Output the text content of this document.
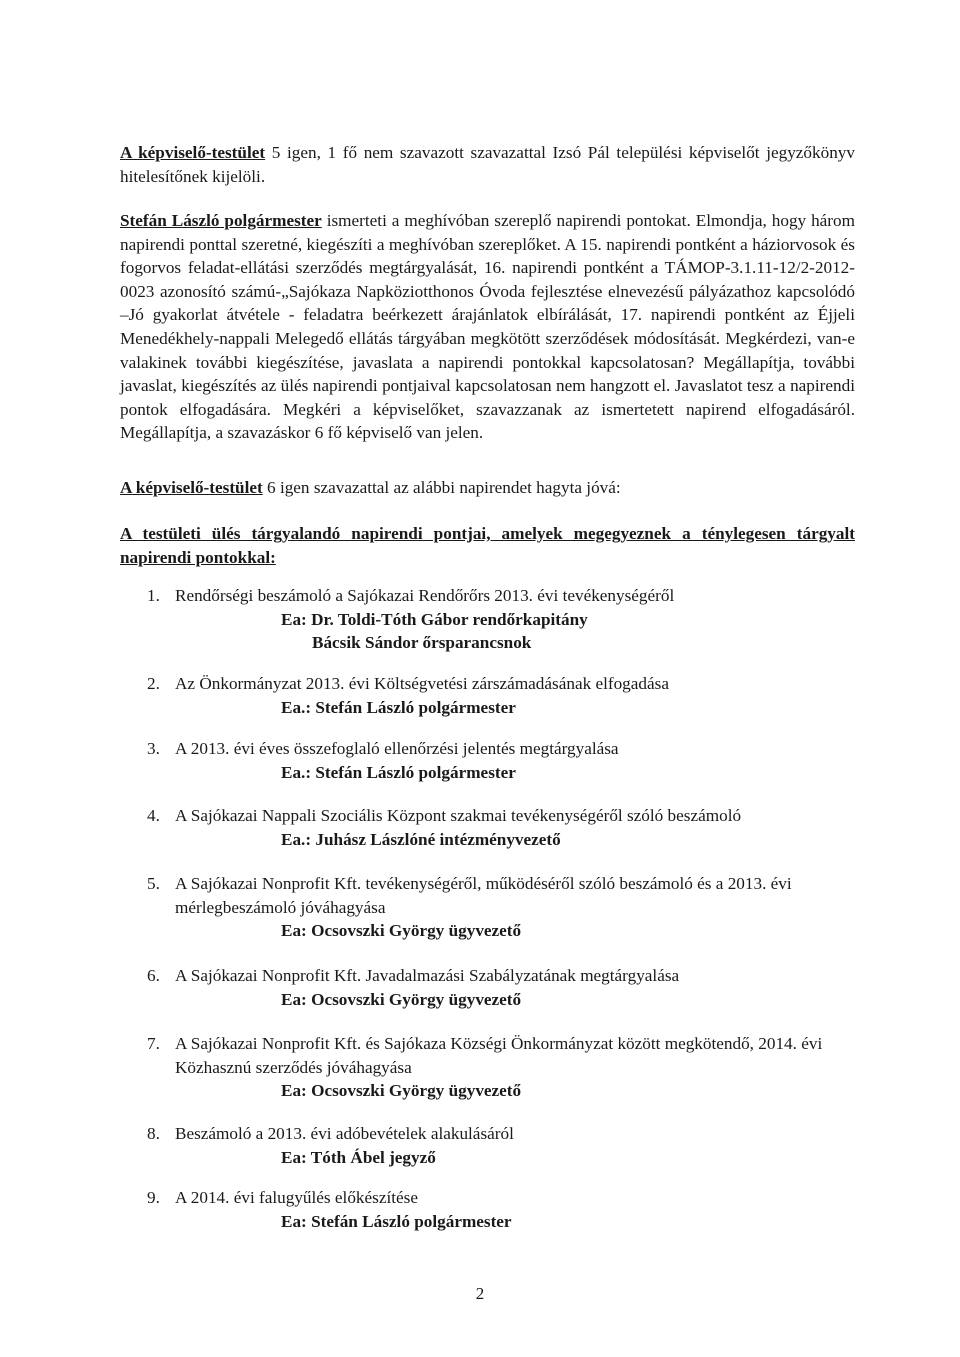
A képviselő-testület 5 igen, 1 fő nem szavazott szavazattal Izsó Pál települési képviselőt jegyzőkönyv hitelesítőnek kijelöli.

Stefán László polgármester ismerteti a meghívóban szereplő napirendi pontokat. Elmondja, hogy három napirendi ponttal szeretné, kiegészíti a meghívóban szereplőket. A 15. napirendi pontként a háziorvosok és fogorvos feladat-ellátási szerződés megtárgyalását, 16. napirendi pontként a TÁMOP-3.1.11-12/2-2012-0023 azonosító számú-„Sajókaza Napköziotthonos Óvoda fejlesztése elnevezésű pályázathoz kapcsolódó –Jó gyakorlat átvétele - feladatra beérkezett árajánlatok elbírálását, 17. napirendi pontként az Éjjeli Menedékhely-nappali Melegedő ellátás tárgyában megkötött szerződések módosítását. Megkérdezi, van-e valakinek további kiegészítése, javaslata a napirendi pontokkal kapcsolatosan? Megállapítja, további javaslat, kiegészítés az ülés napirendi pontjaival kapcsolatosan nem hangzott el. Javaslatot tesz a napirendi pontok elfogadására. Megkéri a képviselőket, szavazzanak az ismertetett napirend elfogadásáról. Megállapítja, a szavazáskor 6 fő képviselő van jelen.

A képviselő-testület 6 igen szavazattal az alábbi napirendet hagyta jóvá:

A testületi ülés tárgyalandó napirendi pontjai, amelyek megegyeznek a ténylegesen tárgyalt napirendi pontokkal:

1. Rendőrségi beszámoló a Sajókazai Rendőrőrs 2013. évi tevékenységéről
Ea: Dr. Toldi-Tóth Gábor rendőrkapitány
Bácsik Sándor őrsparancsnok
2. Az Önkormányzat 2013. évi Költségvetési zárszámadásának elfogadása
Ea.: Stefán László polgármester
3. A 2013. évi éves összefoglaló ellenőrzési jelentés megtárgyalása
Ea.: Stefán László polgármester
4. A Sajókazai Nappali Szociális Központ szakmai tevékenységéről szóló beszámoló
Ea.: Juhász Lászlóné intézményvezető
5. A Sajókazai Nonprofit Kft. tevékenységéről, működéséről szóló beszámoló és a 2013. évi mérlegbeszámoló jóváhagyása
Ea: Ocsovszki György ügyvezető
6. A Sajókazai Nonprofit Kft. Javadalmazási Szabályzatának megtárgyalása
Ea: Ocsovszki György ügyvezető
7. A Sajókazai Nonprofit Kft. és Sajókaza Községi Önkormányzat között megkötendő, 2014. évi Közhasznú szerződés jóváhagyása
Ea: Ocsovszki György ügyvezető
8. Beszámoló a 2013. évi adóbevételek alakulásáról
Ea: Tóth Ábel jegyző
9. A 2014. évi falugyűlés előkészítése
Ea: Stefán László polgármester
2
